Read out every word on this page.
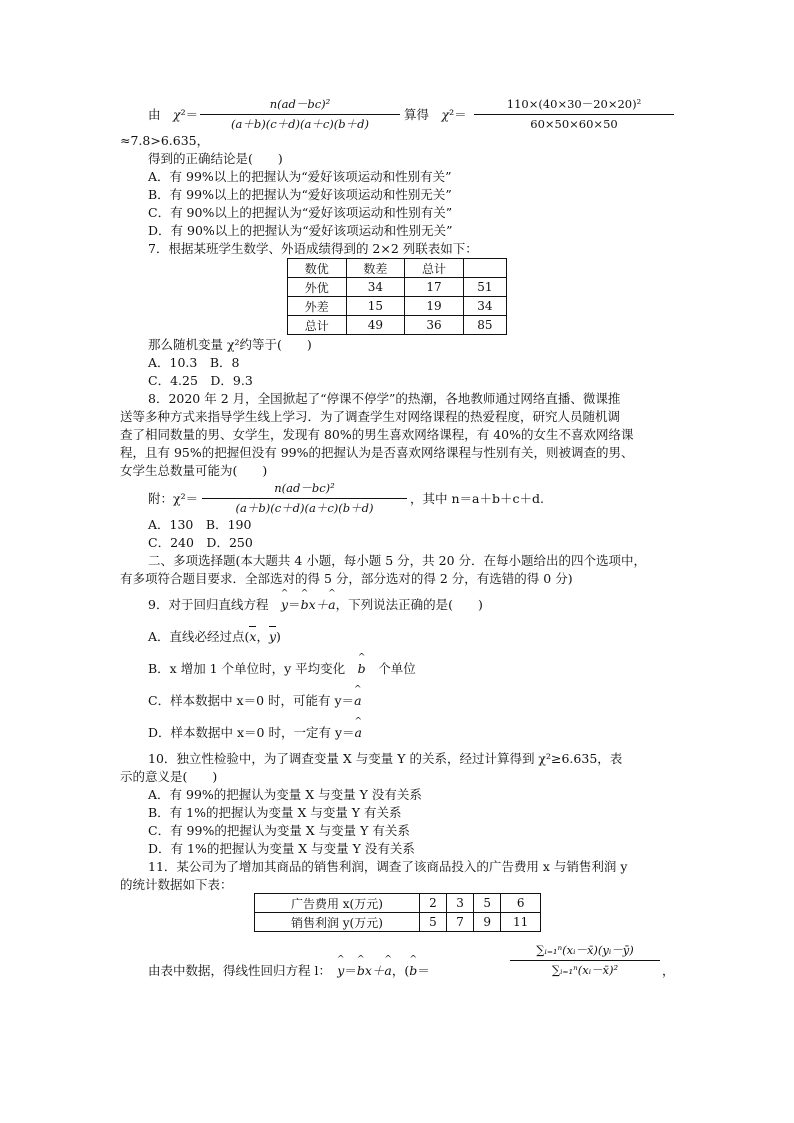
由　 χ²＝
n(ad－bc)²
(a＋b)(c＋d)(a＋c)(b＋d)
算得　 χ²＝
110×(40×30－20×20)²
60×50×60×50
≈7.8>6.635，
得到的正确结论是(　　)
A．有 99%以上的把握认为“爱好该项运动和性别有关”
B．有 99%以上的把握认为“爱好该项运动和性别无关”
C．有 90%以上的把握认为“爱好该项运动和性别有关”
D．有 90%以上的把握认为“爱好该项运动和性别无关”
7．根据某班学生数学、外语成绩得到的 2×2 列联表如下：
数优	数差	总计	
外优	34	17	51
外差	15	19	34
总计	49	36	85
那么随机变量 χ²约等于(　　)
A．10.3　B．8
C．4.25　D．9.3
8．2020 年 2 月，全国掀起了“停课不停学”的热潮，各地教师通过网络直播、微课推
送等多种方式来指导学生线上学习．为了调查学生对网络课程的热爱程度，研究人员随机调
查了相同数量的男、女学生，发现有 80%的男生喜欢网络课程，有 40%的女生不喜欢网络课
程，且有 95%的把握但没有 99%的把握认为是否喜欢网络课程与性别有关，则被调查的男、
女学生总数量可能为(　　)
附：χ²＝
n(ad－bc)²
(a＋b)(c＋d)(a＋c)(b＋d)
，其中 n＝a＋b＋c＋d.
A．130　B．190
C．240　D．250
二、多项选择题(本大题共 4 小题，每小题 5 分，共 20 分．在每小题给出的四个选项中，
有多项符合题目要求．全部选对的得 5 分，部分选对的得 2 分，有选错的得 0 分)
9．对于回归直线方程　 ^ y＝^ bx＋^ a，下列说法正确的是(　　)
A．直线必经过点(x，y)
B．x 增加 1 个单位时，y 平均变化　 ^ b　 个单位
C．样本数据中 x＝0 时，可能有 y＝^ a
D．样本数据中 x＝0 时，一定有 y＝^ a
10．独立性检验中，为了调查变量 X 与变量 Y 的关系，经过计算得到 χ²≥6.635，表
示的意义是(　　)
A．有 99%的把握认为变量 X 与变量 Y 没有关系
B．有 1%的把握认为变量 X 与变量 Y 有关系
C．有 99%的把握认为变量 X 与变量 Y 有关系
D．有 1%的把握认为变量 X 与变量 Y 没有关系
11．某公司为了增加其商品的销售利润，调查了该商品投入的广告费用 x 与销售利润 y
的统计数据如下表：
广告费用 x(万元)	2	3	5	6
销售利润 y(万元)	5	7	9	11
由表中数据，得线性回归方程 l：　 ^ y＝^ bx＋^ a，(^ b＝
∑ᵢ₌₁ⁿ(xᵢ－x̄)(yᵢ－ȳ)
∑ᵢ₌₁ⁿ(xᵢ－x̄)²	，
